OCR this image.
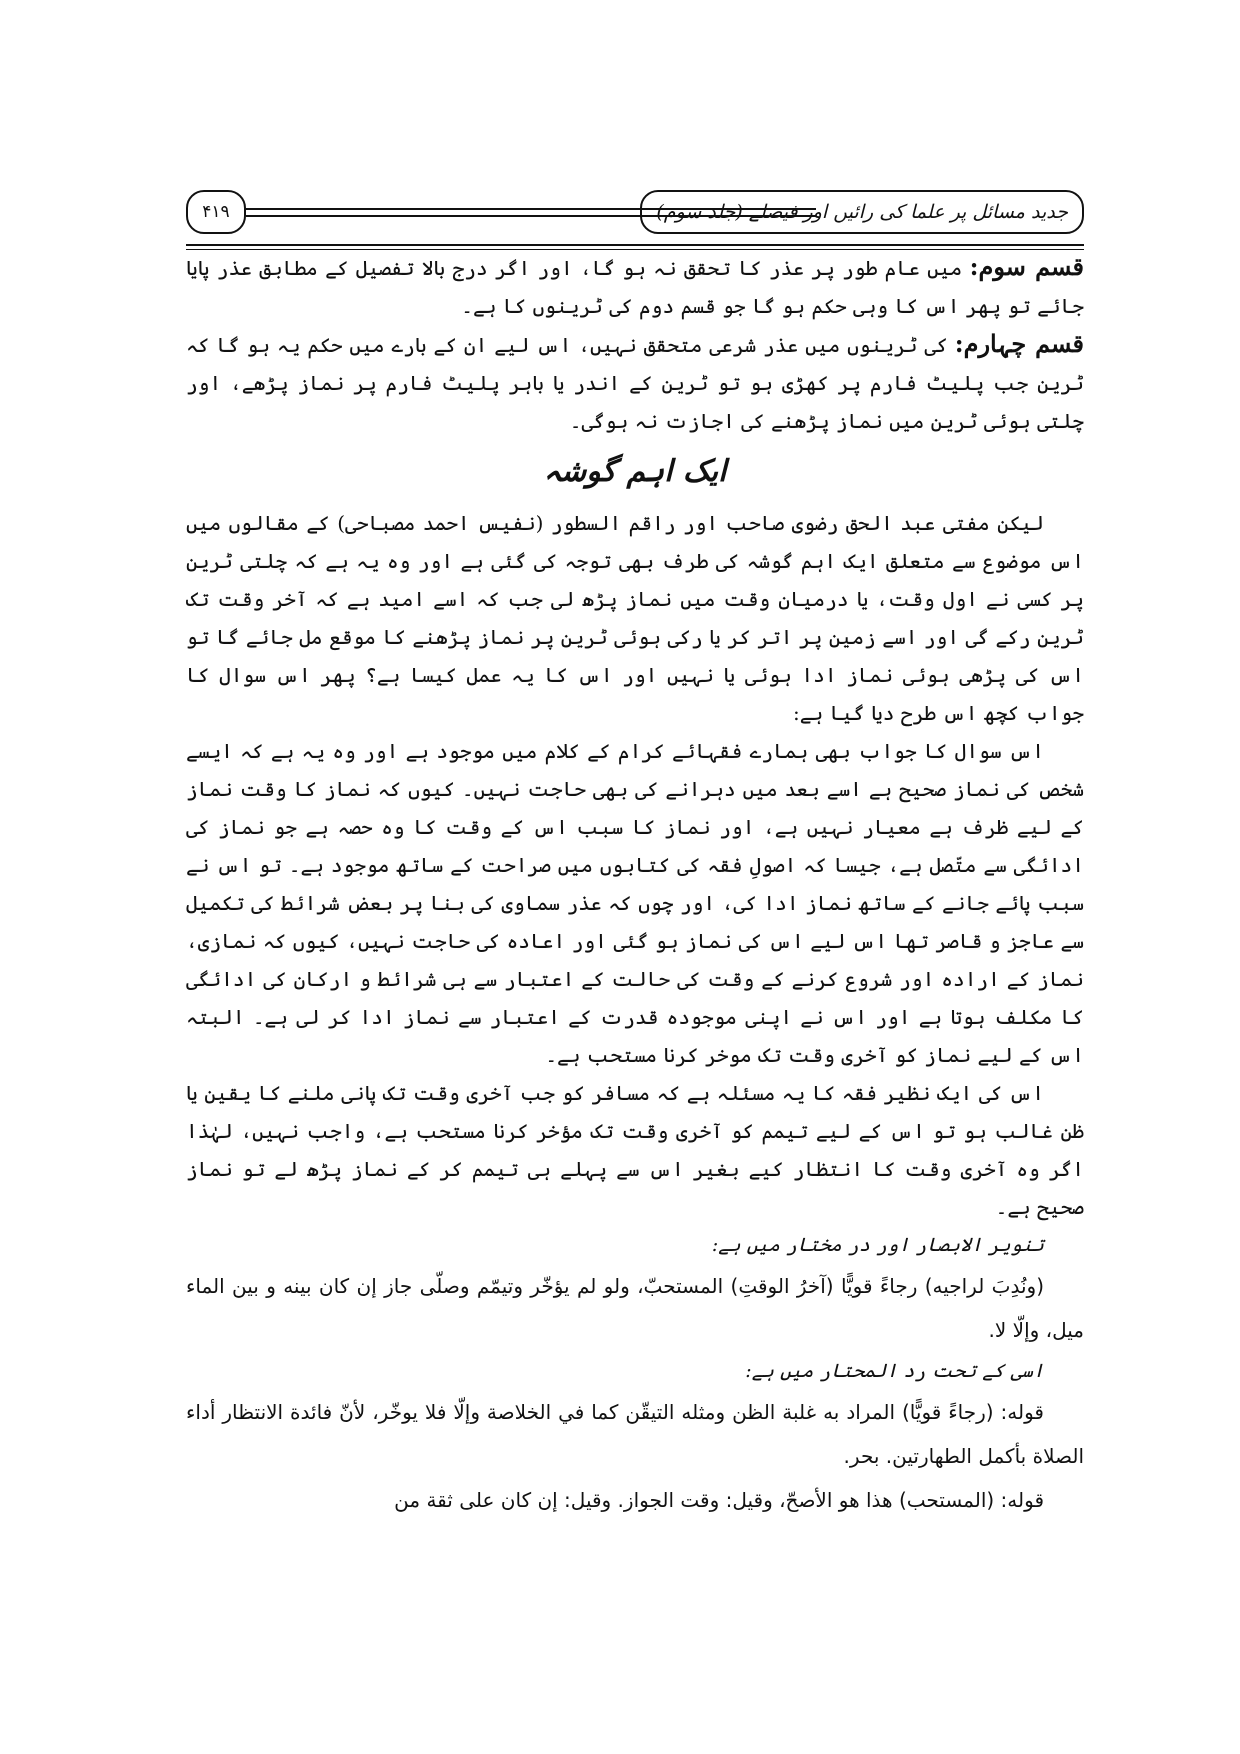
۴۱۹	جدید مسائل پر علما کی رائیں اور فیصلے (جلد سوم)

قسم سوم: میں عام طور پر عذر کا تحقق نہ ہو گا، اور اگر درج بالا تفصیل کے مطابق عذر پایا جائے تو پھر اس کا وہی حکم ہو گا جو قسم دوم کی ٹرینوں کا ہے۔

قسم چہارم: کی ٹرینوں میں عذر شرعی متحقق نہیں، اس لیے ان کے بارے میں حکم یہ ہو گا کہ ٹرین جب پلیٹ فارم پر کھڑی ہو تو ٹرین کے اندر یا باہر پلیٹ فارم پر نماز پڑھے، اور چلتی ہوئی ٹرین میں نماز پڑھنے کی اجازت نہ ہوگی۔

ایک اہم گوشہ

لیکن مفتی عبد الحق رضوی صاحب اور راقم السطور (نفیس احمد مصباحی) کے مقالوں میں اس موضوع سے متعلق ایک اہم گوشہ کی طرف بھی توجہ کی گئی ہے اور وہ یہ ہے کہ چلتی ٹرین پر کسی نے اول وقت، یا درمیان وقت میں نماز پڑھ لی جب کہ اسے امید ہے کہ آخر وقت تک ٹرین رکے گی اور اسے زمین پر اتر کر یا رکی ہوئی ٹرین پر نماز پڑھنے کا موقع مل جائے گا تو اس کی پڑھی ہوئی نماز ادا ہوئی یا نہیں اور اس کا یہ عمل کیسا ہے؟ پھر اس سوال کا جواب کچھ اس طرح دیا گیا ہے:

اس سوال کا جواب بھی ہمارے فقہائے کرام کے کلام میں موجود ہے اور وہ یہ ہے کہ ایسے شخص کی نماز صحیح ہے اسے بعد میں دہرانے کی بھی حاجت نہیں۔ کیوں کہ نماز کا وقت نماز کے لیے ظرف ہے معیار نہیں ہے، اور نماز کا سبب اس کے وقت کا وہ حصہ ہے جو نماز کی ادائگی سے متّصل ہے، جیسا کہ اصولِ فقہ کی کتابوں میں صراحت کے ساتھ موجود ہے۔ تو اس نے سبب پائے جانے کے ساتھ نماز ادا کی، اور چوں کہ عذر سماوی کی بنا پر بعض شرائط کی تکمیل سے عاجز و قاصر تھا اس لیے اس کی نماز ہو گئی اور اعادہ کی حاجت نہیں، کیوں کہ نمازی، نماز کے ارادہ اور شروع کرنے کے وقت کی حالت کے اعتبار سے ہی شرائط و ارکان کی ادائگی کا مکلف ہوتا ہے اور اس نے اپنی موجودہ قدرت کے اعتبار سے نماز ادا کر لی ہے۔ البتہ اس کے لیے نماز کو آخری وقت تک موخر کرنا مستحب ہے۔

اس کی ایک نظیر فقہ کا یہ مسئلہ ہے کہ مسافر کو جب آخری وقت تک پانی ملنے کا یقین یا ظن غالب ہو تو اس کے لیے تیمم کو آخری وقت تک مؤخر کرنا مستحب ہے، واجب نہیں، لہٰذا اگر وہ آخری وقت کا انتظار کیے بغیر اس سے پہلے ہی تیمم کر کے نماز پڑھ لے تو نماز صحیح ہے۔

تنویر الابصار اور در مختار میں ہے:

(ونُدِبَ لراجيه) رجاءً قويًّا (آخرُ الوقتِ) المستحبّ، ولو لم يؤخّر وتيمّم وصلّى جاز إن كان بينه و بين الماء ميل، وإلّا لا.

اسی کے تحت رد المحتار میں ہے:

قوله: (رجاءً قويًّا) المراد به غلبة الظن ومثله التيقّن كما في الخلاصة وإلّا فلا يوخّر، لأنّ فائدة الانتظار أداء الصلاة بأكمل الطهارتين. بحر.

قوله: (المستحب) هذا هو الأصحّ، وقيل: وقت الجواز. وقيل: إن كان على ثقة من
